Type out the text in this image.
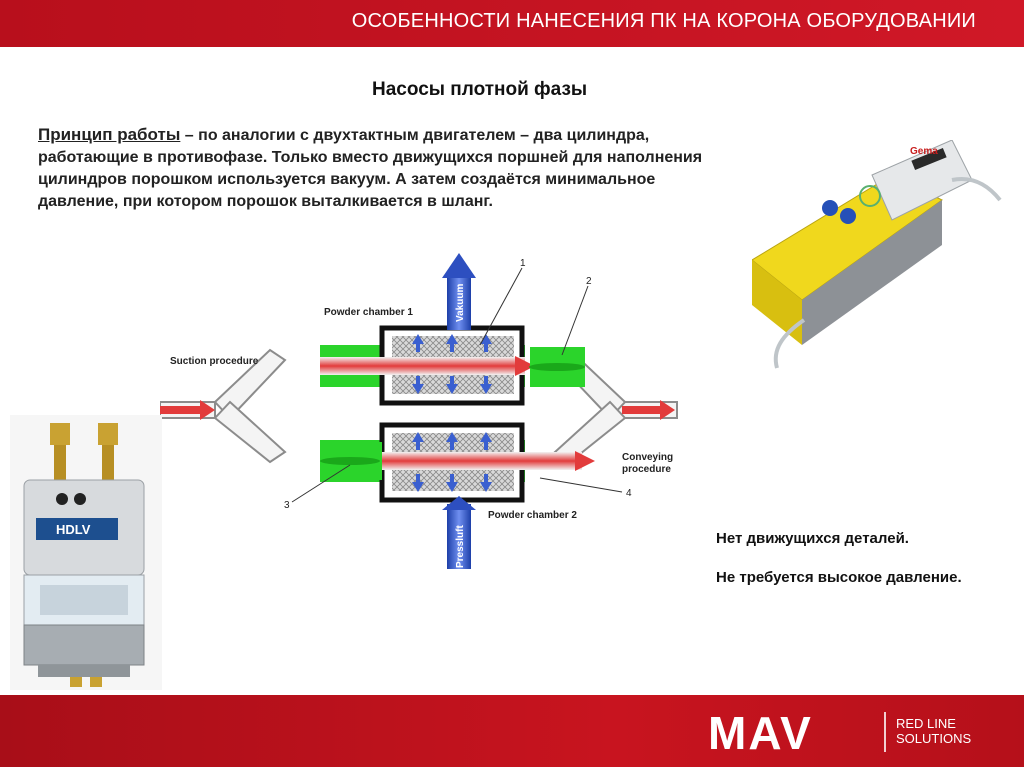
ОСОБЕННОСТИ НАНЕСЕНИЯ ПК НА КОРОНА ОБОРУДОВАНИИ
Насосы плотной фазы
Принцип работы – по аналогии с двухтактным двигателем – два цилиндра, работающие в противофазе. Только вместо движущихся поршней для наполнения цилиндров порошком используется вакуум. А затем создаётся минимальное давление, при котором порошок выталкивается в шланг.
Vakuum
Pressluft
Powder chamber 1
Powder chamber 2
Suction procedure
Conveying
procedure
1
2
3
4
HDLV
Gema
Нет движущихся деталей.
Не требуется высокое давление.
MAV	RED LINE
SOLUTIONS
